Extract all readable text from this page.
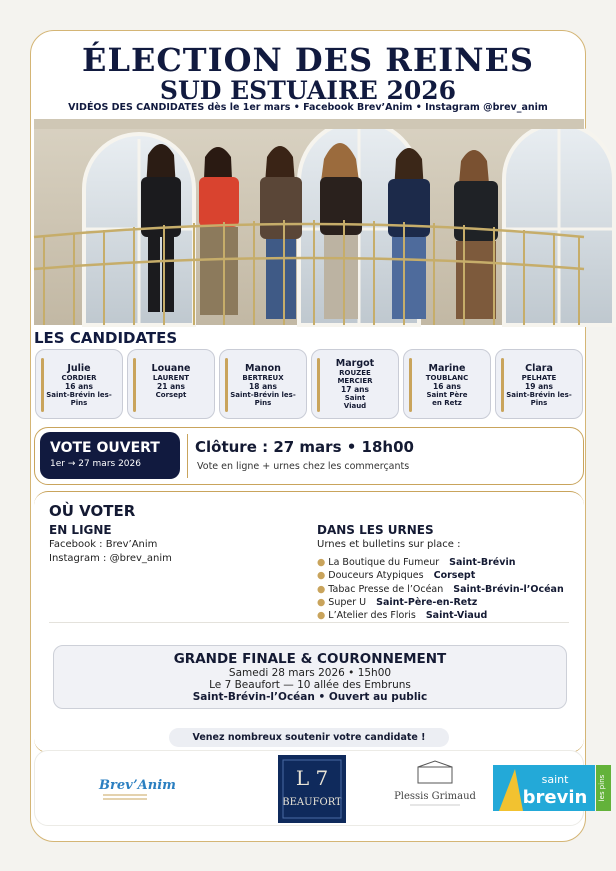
ÉLECTION DES REINES
SUD ESTUAIRE 2026
VIDÉOS DES CANDIDATES dès le 1er mars • Facebook Brev’Anim • Instagram @brev_anim
LES CANDIDATES
Julie
CORDIER
16 ans
Saint-Brévin les-Pins
Louane
LAURENT
21 ans
Corsept
Manon
BERTREUX
18 ans
Saint-Brévin les-Pins
Margot
ROUZEE MERCIER
17 ans
Saint Viaud
Marine
TOUBLANC
16 ans
Saint Père en Retz
Clara
PELHATE
19 ans
Saint-Brévin les-Pins
VOTE OUVERT
1er → 27 mars 2026
Clôture : 27 mars • 18h00
Vote en ligne + urnes chez les commerçants
OÙ VOTER
EN LIGNE
Facebook : Brev’Anim
Instagram : @brev_anim
DANS LES URNES
Urnes et bulletins sur place :
● La Boutique du Fumeur Saint-Brévin
● Douceurs Atypiques Corsept
● Tabac Presse de l’Océan Saint-Brévin-l’Océan
● Super U Saint-Père-en-Retz
● L’Atelier des Floris Saint-Viaud
GRANDE FINALE & COURONNEMENT
Samedi 28 mars 2026 • 15h00
Le 7 Beaufort — 10 allée des Embruns
Saint-Brévin-l’Océan • Ouvert au public
Venez nombreux soutenir votre candidate !
Brev’Anim	L 7
BEAUFORT
Plessis Grimaud
saint
brevin les pins
